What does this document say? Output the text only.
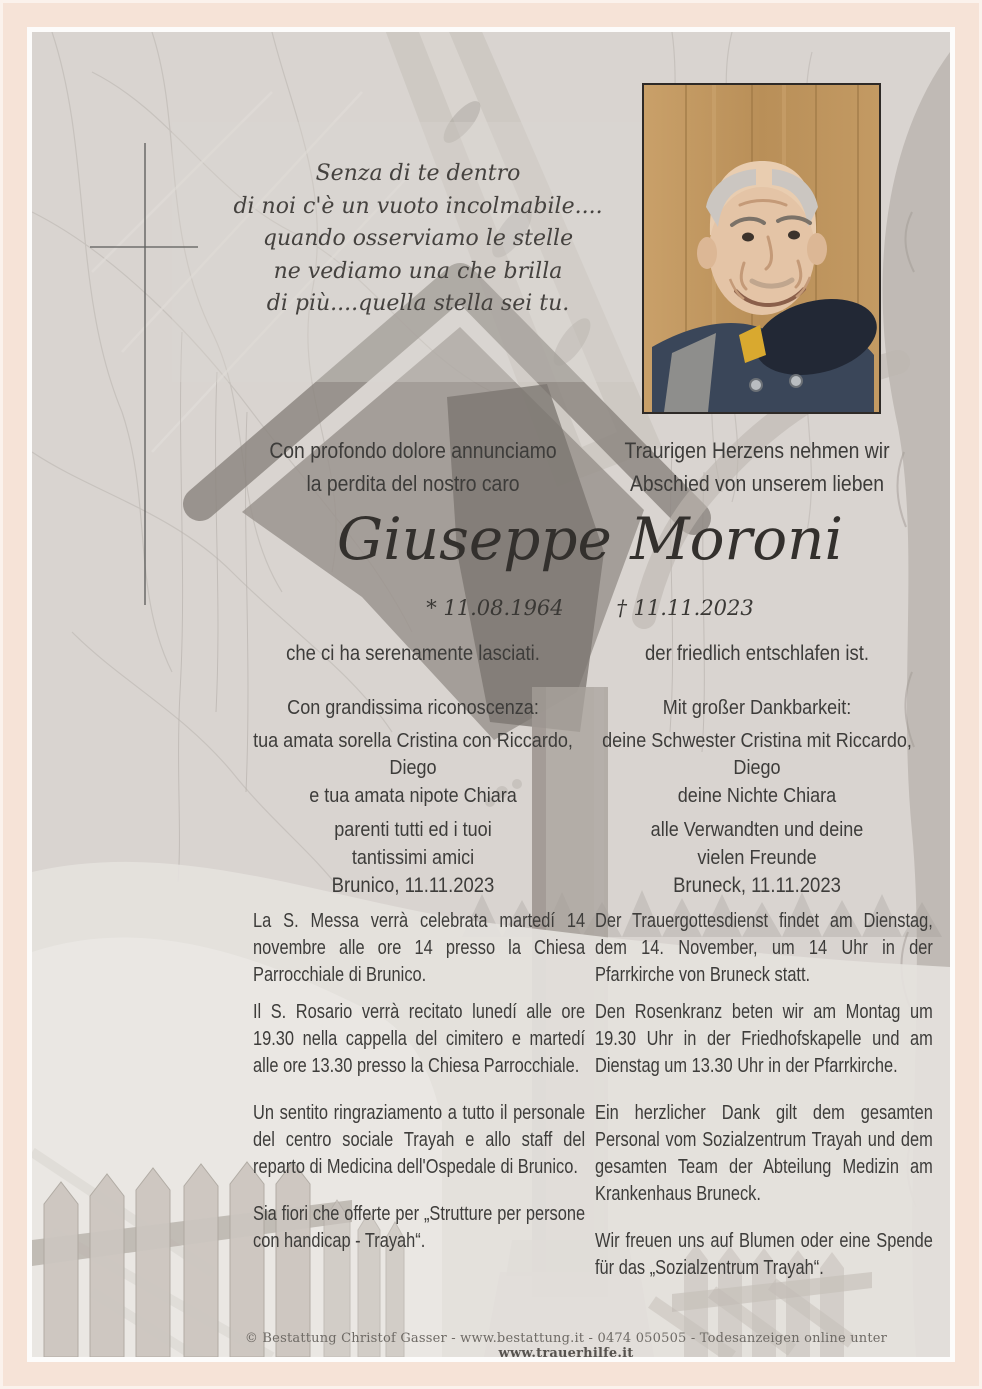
Senza di te dentro
di noi c'è un vuoto incolmabile....
quando osserviamo le stelle
ne vediamo una che brilla
di più....quella stella sei tu.
Con profondo dolore annunciamo
la perdita del nostro caro
Traurigen Herzens nehmen wir
Abschied von unserem lieben
Giuseppe Moroni
* 11.08.1964	† 11.11.2023
che ci ha serenamente lasciati.	der friedlich entschlafen ist.
Con grandissima riconoscenza:
tua amata sorella Cristina con Riccardo,
Diego
e tua amata nipote Chiara
parenti tutti ed i tuoi
tantissimi amici
Mit großer Dankbarkeit:
deine Schwester Cristina mit Riccardo,
Diego
deine Nichte Chiara
alle Verwandten und deine
vielen Freunde
Brunico, 11.11.2023	Bruneck, 11.11.2023

La S. Messa verrà celebrata martedí 14 novembre alle ore 14 presso la Chiesa Parrocchiale di Brunico.

Il S. Rosario verrà recitato lunedí alle ore 19.30 nella cappella del cimitero e martedí alle ore 13.30 presso la Chiesa Parrocchiale.

Un sentito ringraziamento a tutto il personale del centro sociale Trayah e allo staff del reparto di Medicina dell'Ospedale di Brunico.

Sia fiori che offerte per „Strutture per persone con handicap - Trayah“.

Der Trauergottesdienst findet am Dienstag, dem 14. November, um 14 Uhr in der Pfarrkirche von Bruneck statt.

Den Rosenkranz beten wir am Montag um 19.30 Uhr in der Friedhofskapelle und am Dienstag um 13.30 Uhr in der Pfarrkirche.

Ein herzlicher Dank gilt dem gesamten Personal vom Sozialzentrum Trayah und dem gesamten Team der Abteilung Medizin am Krankenhaus Bruneck.

Wir freuen uns auf Blumen oder eine Spende für das „Sozialzentrum Trayah“.

© Bestattung Christof Gasser - www.bestattung.it - 0474 050505 - Todesanzeigen online unter www.trauerhilfe.it
